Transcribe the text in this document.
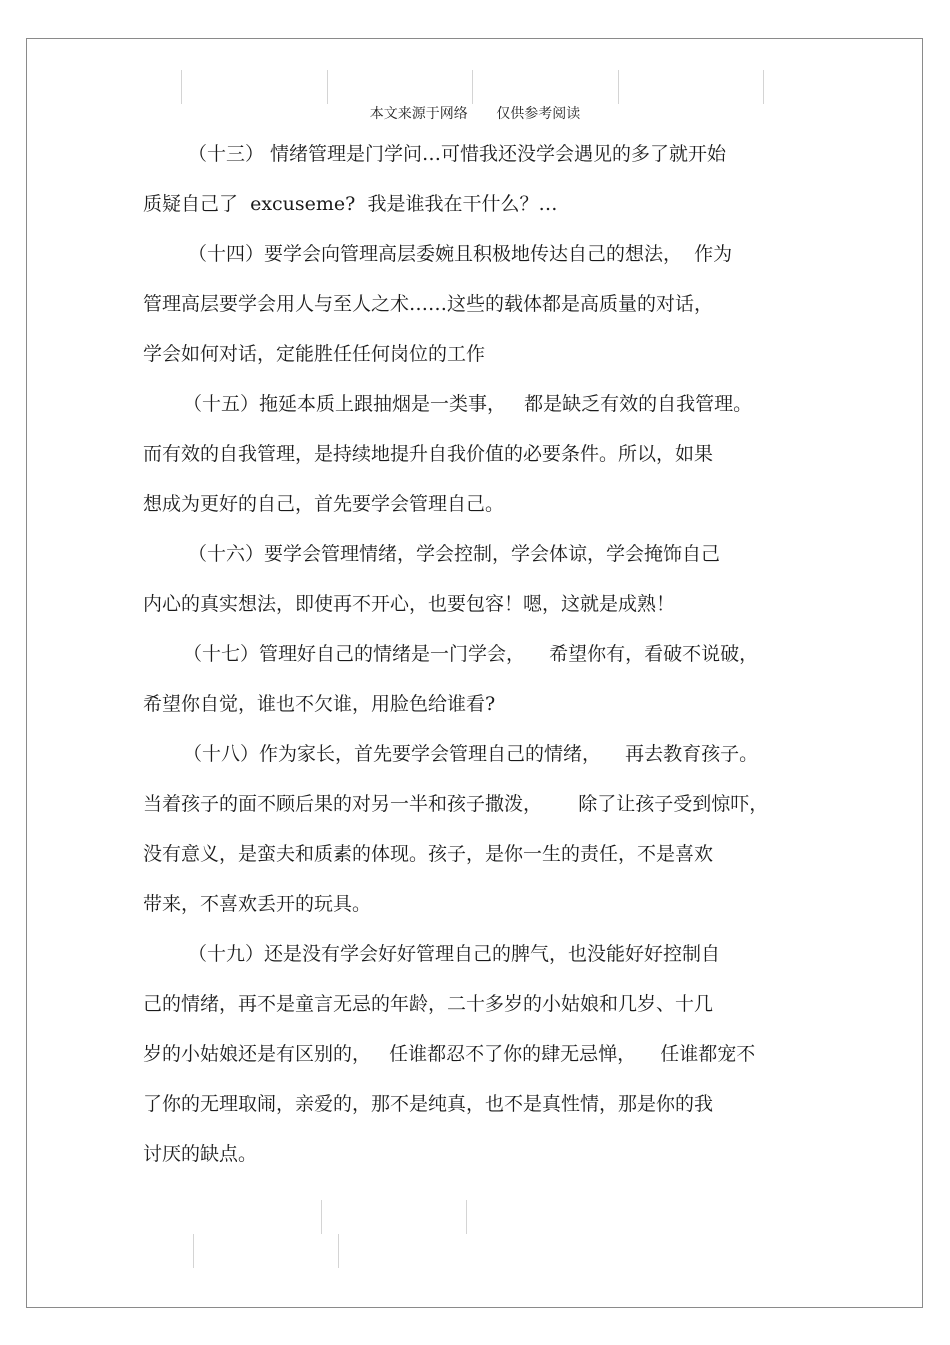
本文来源于网络 仅供参考阅读
（十三） 情绪管理是门学问…可惜我还没学会遇见的多了就开始
质疑自己了  excuseme?  我是谁我在干什么？…
（十四）要学会向管理高层委婉且积极地传达自己的想法，  作为
管理高层要学会用人与至人之术……这些的载体都是高质量的对话，
学会如何对话，定能胜任任何岗位的工作
（十五）拖延本质上跟抽烟是一类事，   都是缺乏有效的自我管理。
而有效的自我管理，是持续地提升自我价值的必要条件。所以，如果
想成为更好的自己，首先要学会管理自己。
（十六）要学会管理情绪，学会控制，学会体谅，学会掩饰自己
内心的真实想法，即使再不开心，也要包容！嗯，这就是成熟！
（十七）管理好自己的情绪是一门学会，    希望你有，看破不说破，
希望你自觉，谁也不欠谁，用脸色给谁看?
（十八）作为家长，首先要学会管理自己的情绪，    再去教育孩子。
当着孩子的面不顾后果的对另一半和孩子撒泼，      除了让孩子受到惊吓，
没有意义，是蛮夫和质素的体现。孩子，是你一生的责任，不是喜欢
带来，不喜欢丢开的玩具。
（十九）还是没有学会好好管理自己的脾气，也没能好好控制自
己的情绪，再不是童言无忌的年龄，二十多岁的小姑娘和几岁、十几
岁的小姑娘还是有区别的，   任谁都忍不了你的肆无忌惮，    任谁都宠不
了你的无理取闹，亲爱的，那不是纯真，也不是真性情，那是你的我
讨厌的缺点。
